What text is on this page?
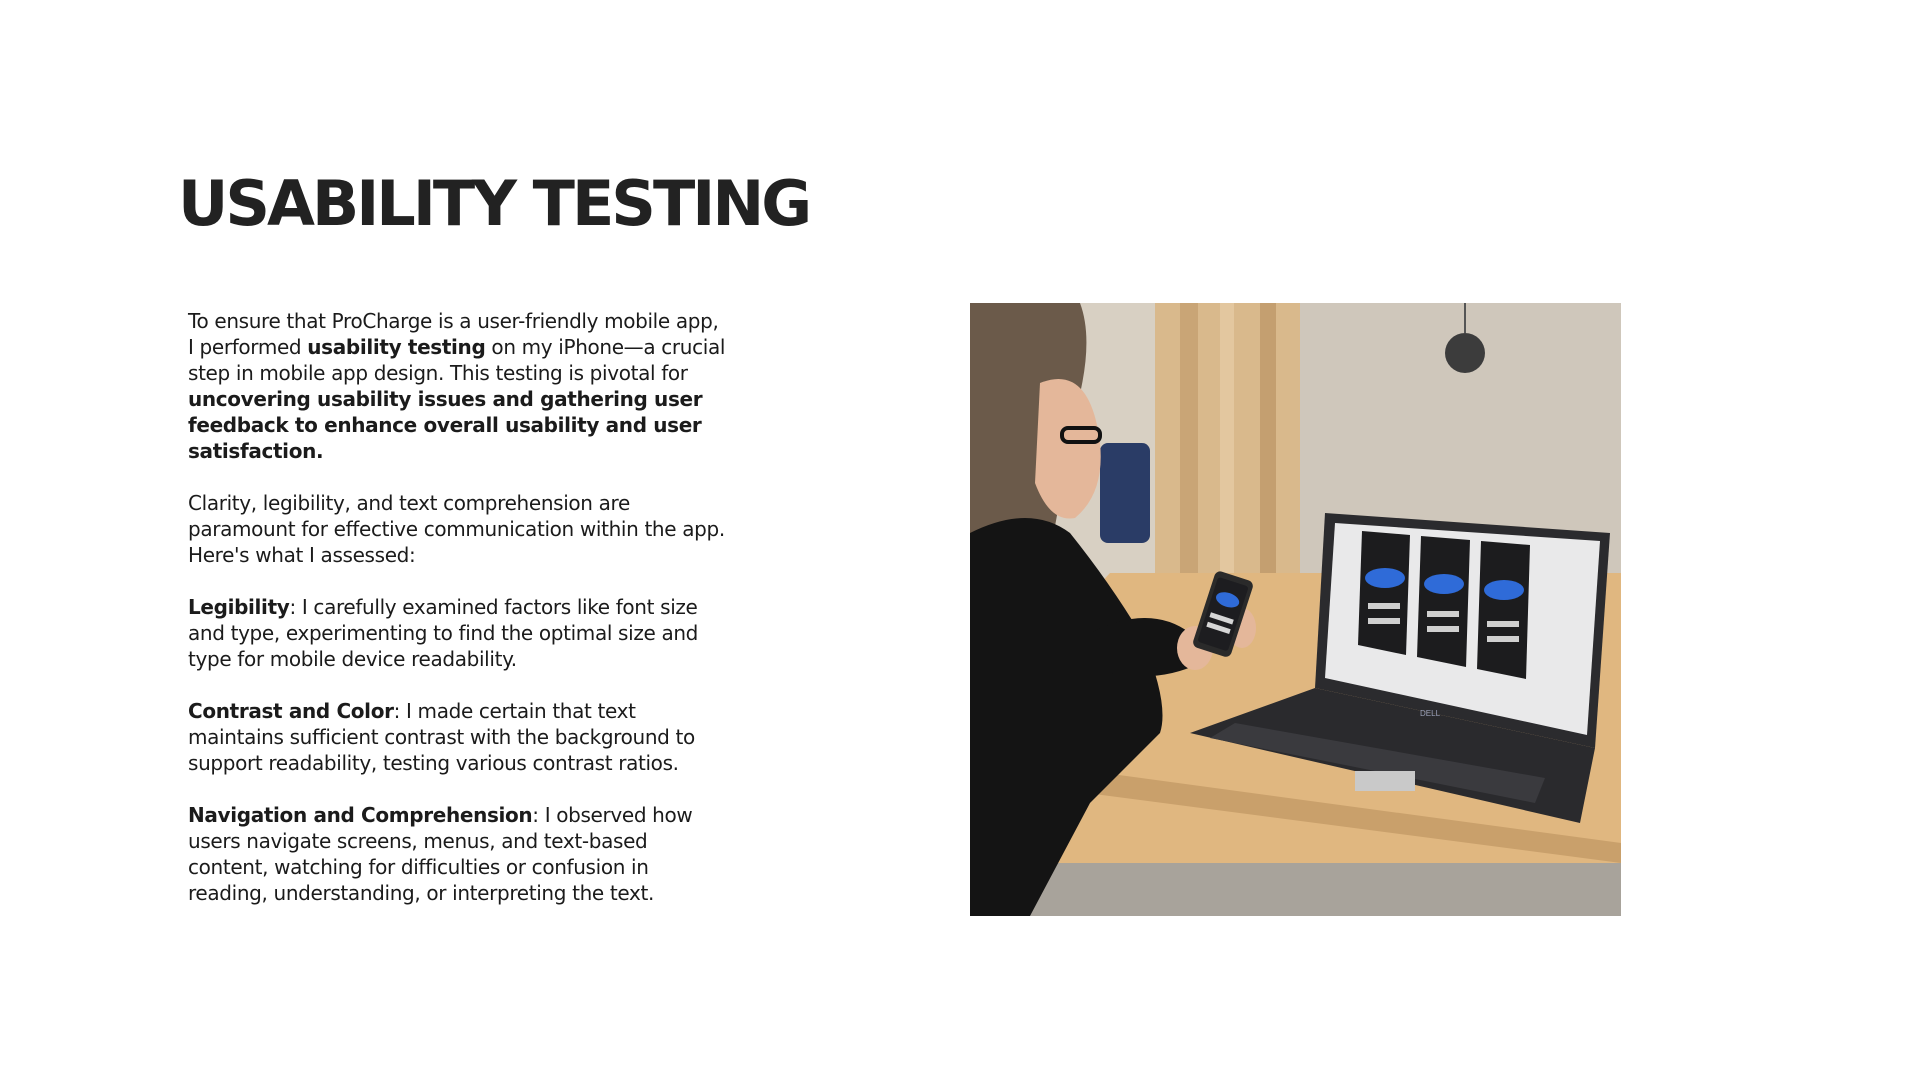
USABILITY TESTING

To ensure that ProCharge is a user-friendly mobile app, I performed usability testing on my iPhone—a crucial step in mobile app design. This testing is pivotal for uncovering usability issues and gathering user feedback to enhance overall usability and user satisfaction.

Clarity, legibility, and text comprehension are paramount for effective communication within the app. Here's what I assessed:

Legibility: I carefully examined factors like font size and type, experimenting to find the optimal size and type for mobile device readability.

Contrast and Color: I made certain that text maintains sufficient contrast with the background to support readability, testing various contrast ratios.

Navigation and Comprehension: I observed how users navigate screens, menus, and text-based content, watching for difficulties or confusion in reading, understanding, or interpreting the text.

DELL
